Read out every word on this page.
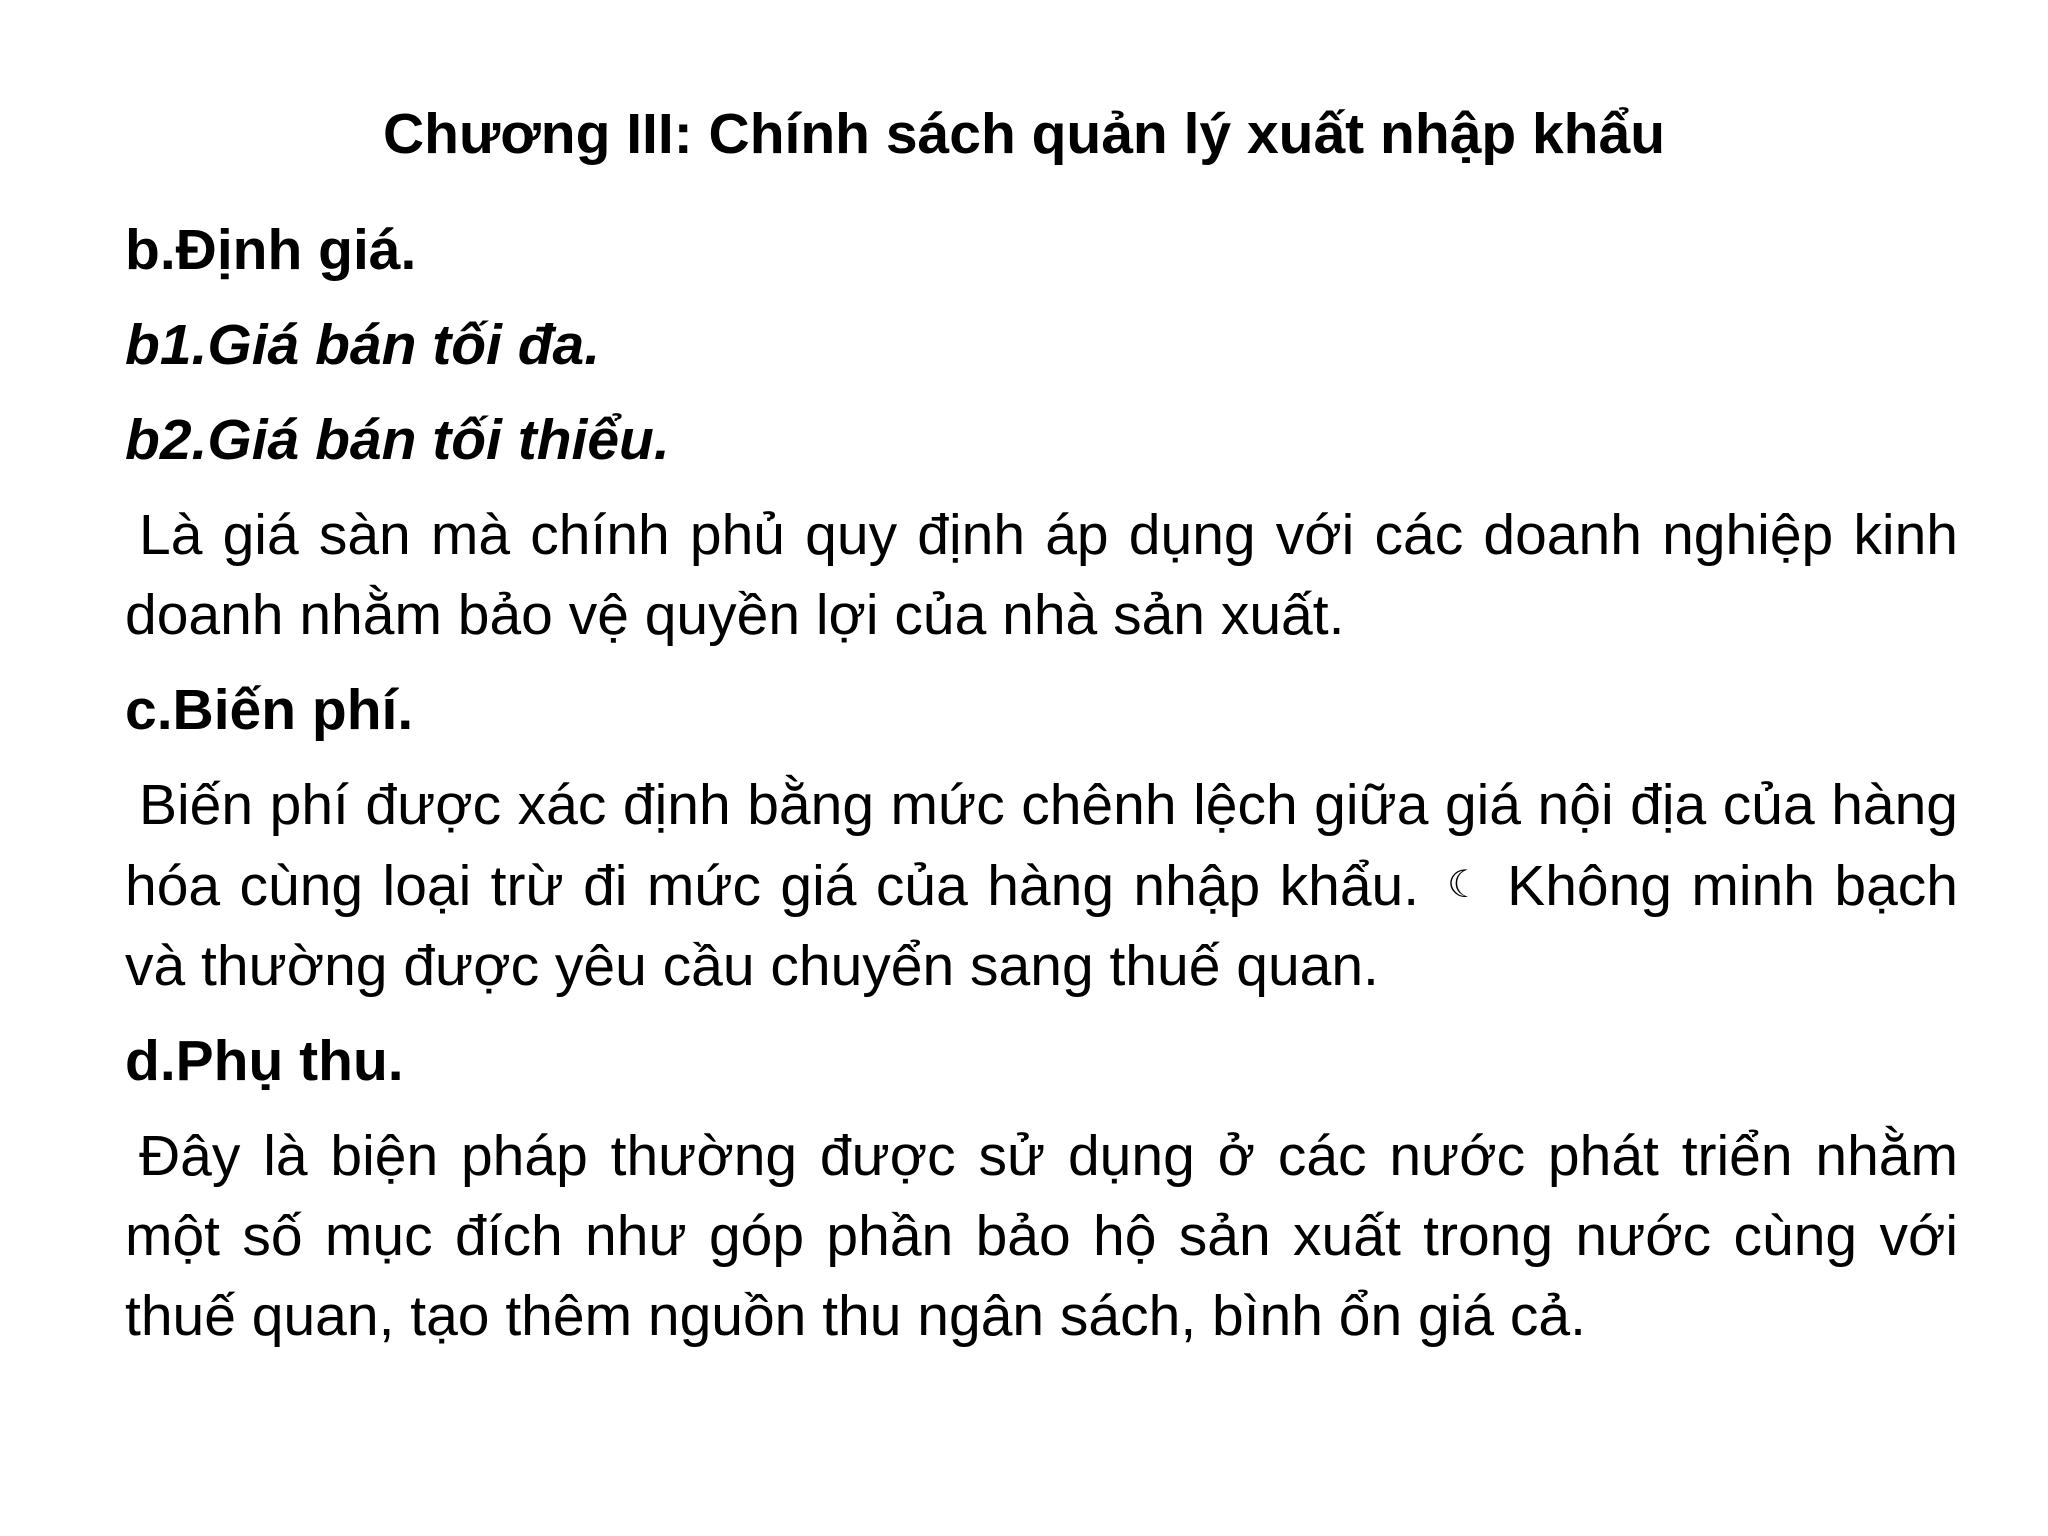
Chương III: Chính sách quản lý xuất nhập khẩu
b.Định giá.
b1.Giá bán tối đa.
b2.Giá bán tối thiểu.
Là giá sàn mà chính phủ quy định áp dụng với các doanh nghiệp kinh doanh nhằm bảo vệ quyền lợi của nhà sản xuất.
c.Biến phí.
Biến phí được xác định bằng mức chênh lệch giữa giá nội địa của hàng hóa cùng loại trừ đi mức giá của hàng nhập khẩu. ☾ Không minh bạch và thường được yêu cầu chuyển sang thuế quan.
d.Phụ thu.
Đây là biện pháp thường được sử dụng ở các nước phát triển nhằm một số mục đích như góp phần bảo hộ sản xuất trong nước cùng với thuế quan, tạo thêm nguồn thu ngân sách, bình ổn giá cả.
